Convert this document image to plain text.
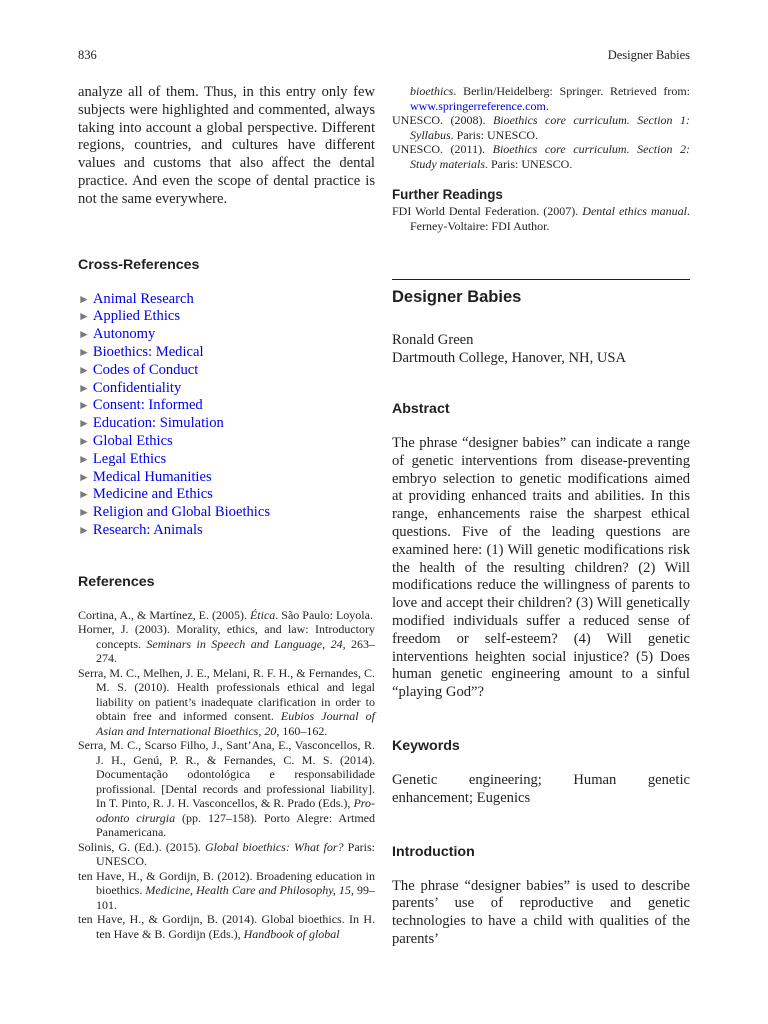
836	Designer Babies

analyze all of them. Thus, in this entry only few subjects were highlighted and commented, always taking into account a global perspective. Different regions, countries, and cultures have different values and customs that also affect the dental practice. And even the scope of dental practice is not the same everywhere.

Cross-References

► Animal Research
► Applied Ethics
► Autonomy
► Bioethics: Medical
► Codes of Conduct
► Confidentiality
► Consent: Informed
► Education: Simulation
► Global Ethics
► Legal Ethics
► Medical Humanities
► Medicine and Ethics
► Religion and Global Bioethics
► Research: Animals

References

Cortina, A., & Martínez, E. (2005). Ética. São Paulo: Loyola.

Horner, J. (2003). Morality, ethics, and law: Introductory concepts. Seminars in Speech and Language, 24, 263–274.

Serra, M. C., Melhen, J. E., Melani, R. F. H., & Fernandes, C. M. S. (2010). Health professionals ethical and legal liability on patient’s inadequate clarification in order to obtain free and informed consent. Eubios Journal of Asian and International Bioethics, 20, 160–162.

Serra, M. C., Scarso Filho, J., Sant’Ana, E., Vasconcellos, R. J. H., Genú, P. R., & Fernandes, C. M. S. (2014). Documentação odontológica e responsabilidade profissional. [Dental records and professional liability]. In T. Pinto, R. J. H. Vasconcellos, & R. Prado (Eds.), Pro-odonto cirurgia (pp. 127–158). Porto Alegre: Artmed Panamericana.

Solinis, G. (Ed.). (2015). Global bioethics: What for? Paris: UNESCO.

ten Have, H., & Gordijn, B. (2012). Broadening education in bioethics. Medicine, Health Care and Philosophy, 15, 99–101.

ten Have, H., & Gordijn, B. (2014). Global bioethics. In H. ten Have & B. Gordijn (Eds.), Handbook of global

bioethics. Berlin/Heidelberg: Springer. Retrieved from: www.springerreference.com.

UNESCO. (2008). Bioethics core curriculum. Section 1: Syllabus. Paris: UNESCO.

UNESCO. (2011). Bioethics core curriculum. Section 2: Study materials. Paris: UNESCO.

Further Readings

FDI World Dental Federation. (2007). Dental ethics manual. Ferney-Voltaire: FDI Author.

Designer Babies

Ronald Green

Dartmouth College, Hanover, NH, USA

Abstract

The phrase “designer babies” can indicate a range of genetic interventions from disease-preventing embryo selection to genetic modifications aimed at providing enhanced traits and abilities. In this range, enhancements raise the sharpest ethical questions. Five of the leading questions are examined here: (1) Will genetic modifications risk the health of the resulting children? (2) Will modifications reduce the willingness of parents to love and accept their children? (3) Will genetically modified individuals suffer a reduced sense of freedom or self-esteem? (4) Will genetic interventions heighten social injustice? (5) Does human genetic engineering amount to a sinful “playing God”?

Keywords

Genetic engineering; Human genetic enhancement; Eugenics

Introduction

The phrase “designer babies” is used to describe parents’ use of reproductive and genetic technologies to have a child with qualities of the parents’
